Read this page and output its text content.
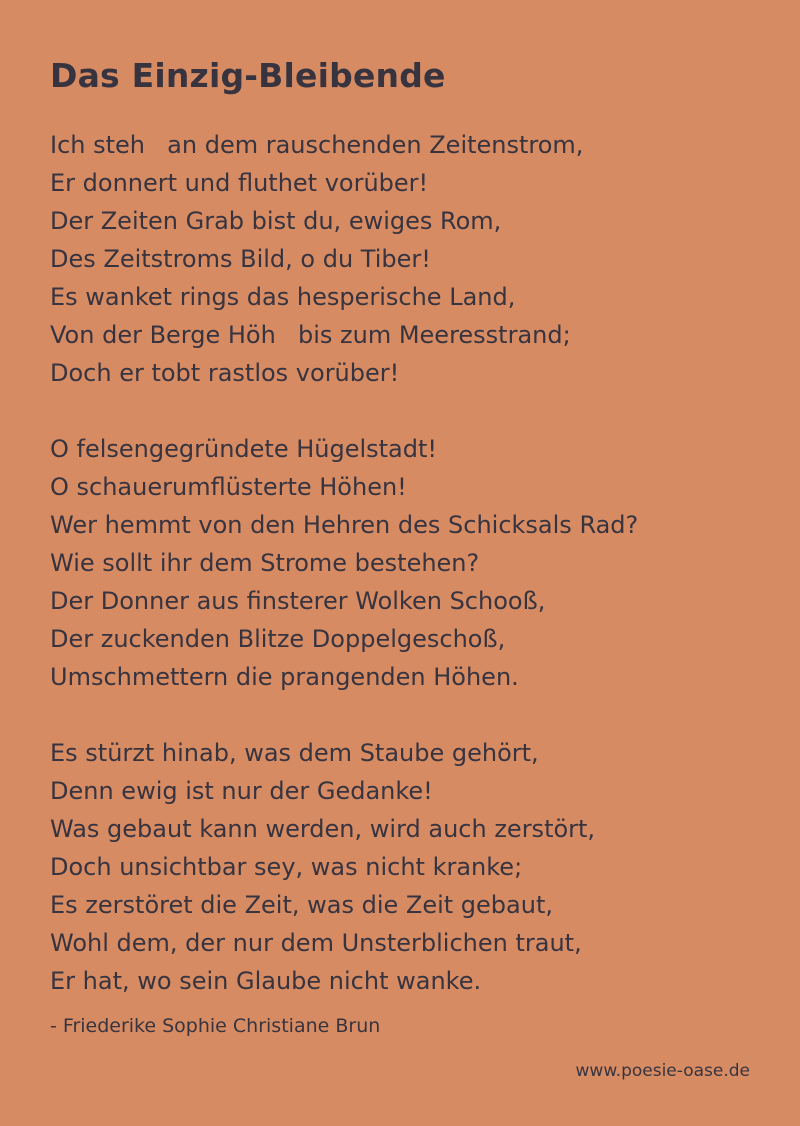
Das Einzig-Bleibende
Ich steh an dem rauschenden Zeitenstrom,
Er donnert und fluthet vorüber!
Der Zeiten Grab bist du, ewiges Rom,
Des Zeitstroms Bild, o du Tiber!
Es wanket rings das hesperische Land,
Von der Berge Höh bis zum Meeresstrand;
Doch er tobt rastlos vorüber!
O felsengegründete Hügelstadt!
O schauerumflüsterte Höhen!
Wer hemmt von den Hehren des Schicksals Rad?
Wie sollt ihr dem Strome bestehen?
Der Donner aus finsterer Wolken Schooß,
Der zuckenden Blitze Doppelgeschoß,
Umschmettern die prangenden Höhen.
Es stürzt hinab, was dem Staube gehört,
Denn ewig ist nur der Gedanke!
Was gebaut kann werden, wird auch zerstört,
Doch unsichtbar sey, was nicht kranke;
Es zerstöret die Zeit, was die Zeit gebaut,
Wohl dem, der nur dem Unsterblichen traut,
Er hat, wo sein Glaube nicht wanke.
- Friederike Sophie Christiane Brun
www.poesie-oase.de
